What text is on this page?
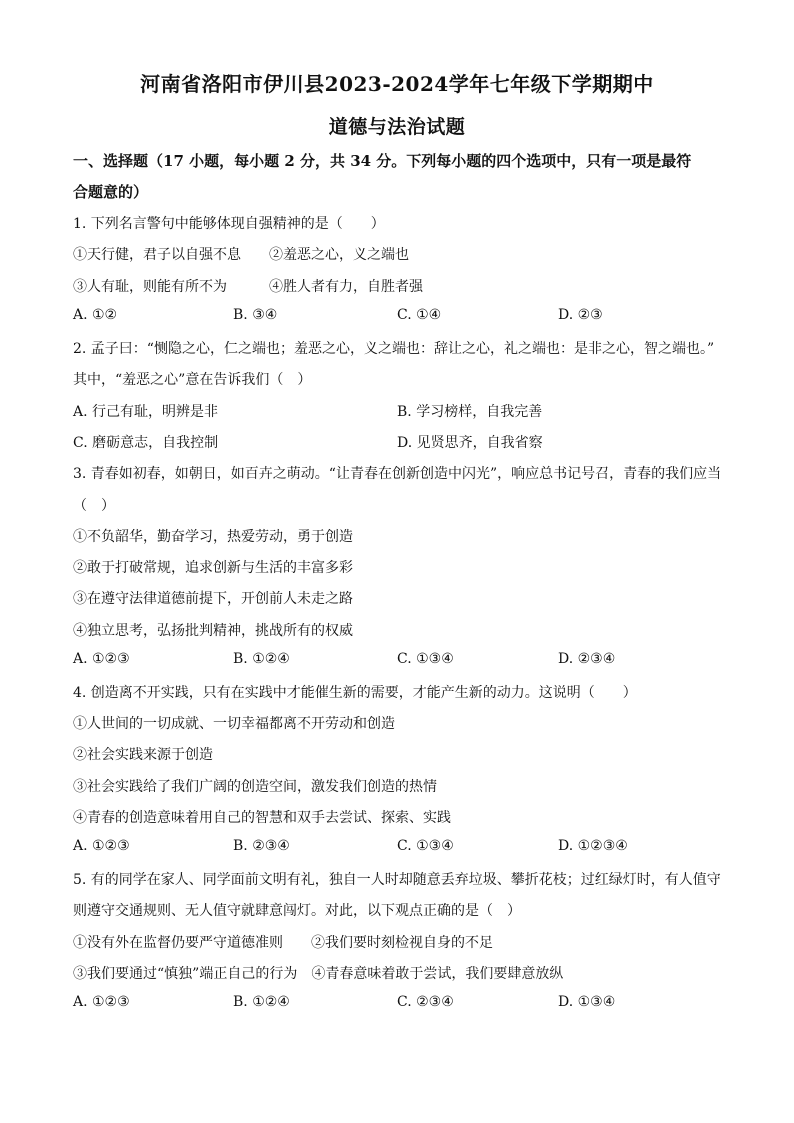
河南省洛阳市伊川县2023-2024学年七年级下学期期中
道德与法治试题
一、选择题（17 小题，每小题 2 分，共 34 分。下列每小题的四个选项中，只有一项是最符
合题意的）
1. 下列名言警句中能够体现自强精神的是（　　）
①天行健，君子以自强不息　　②羞恶之心，义之端也
③人有耻，则能有所不为　　　④胜人者有力，自胜者强
A. ①②	B. ③④	C. ①④	D. ②③
2. 孟子曰：“恻隐之心，仁之端也；羞恶之心，义之端也：辞让之心，礼之端也：是非之心，智之端也。”
其中，“羞恶之心”意在告诉我们（　）
A. 行己有耻，明辨是非	B. 学习榜样，自我完善
C. 磨砺意志，自我控制	D. 见贤思齐，自我省察
3. 青春如初春，如朝日，如百卉之萌动。“让青春在创新创造中闪光”，响应总书记号召，青春的我们应当
（　）
①不负韶华，勤奋学习，热爱劳动，勇于创造
②敢于打破常规，追求创新与生活的丰富多彩
③在遵守法律道德前提下，开创前人未走之路
④独立思考，弘扬批判精神，挑战所有的权威
A. ①②③	B. ①②④	C. ①③④	D. ②③④
4. 创造离不开实践，只有在实践中才能催生新的需要，才能产生新的动力。这说明（　　）
①人世间的一切成就、一切幸福都离不开劳动和创造
②社会实践来源于创造
③社会实践给了我们广阔的创造空间，激发我们创造的热情
④青春的创造意味着用自己的智慧和双手去尝试、探索、实践
A. ①②③	B. ②③④	C. ①③④	D. ①②③④
5. 有的同学在家人、同学面前文明有礼，独自一人时却随意丢弃垃圾、攀折花枝；过红绿灯时，有人值守
则遵守交通规则、无人值守就肆意闯灯。对此，以下观点正确的是（　）
①没有外在监督仍要严守道德准则　　②我们要时刻检视自身的不足
③我们要通过“慎独”端正自己的行为　④青春意味着敢于尝试，我们要肆意放纵
A. ①②③	B. ①②④	C. ②③④	D. ①③④
